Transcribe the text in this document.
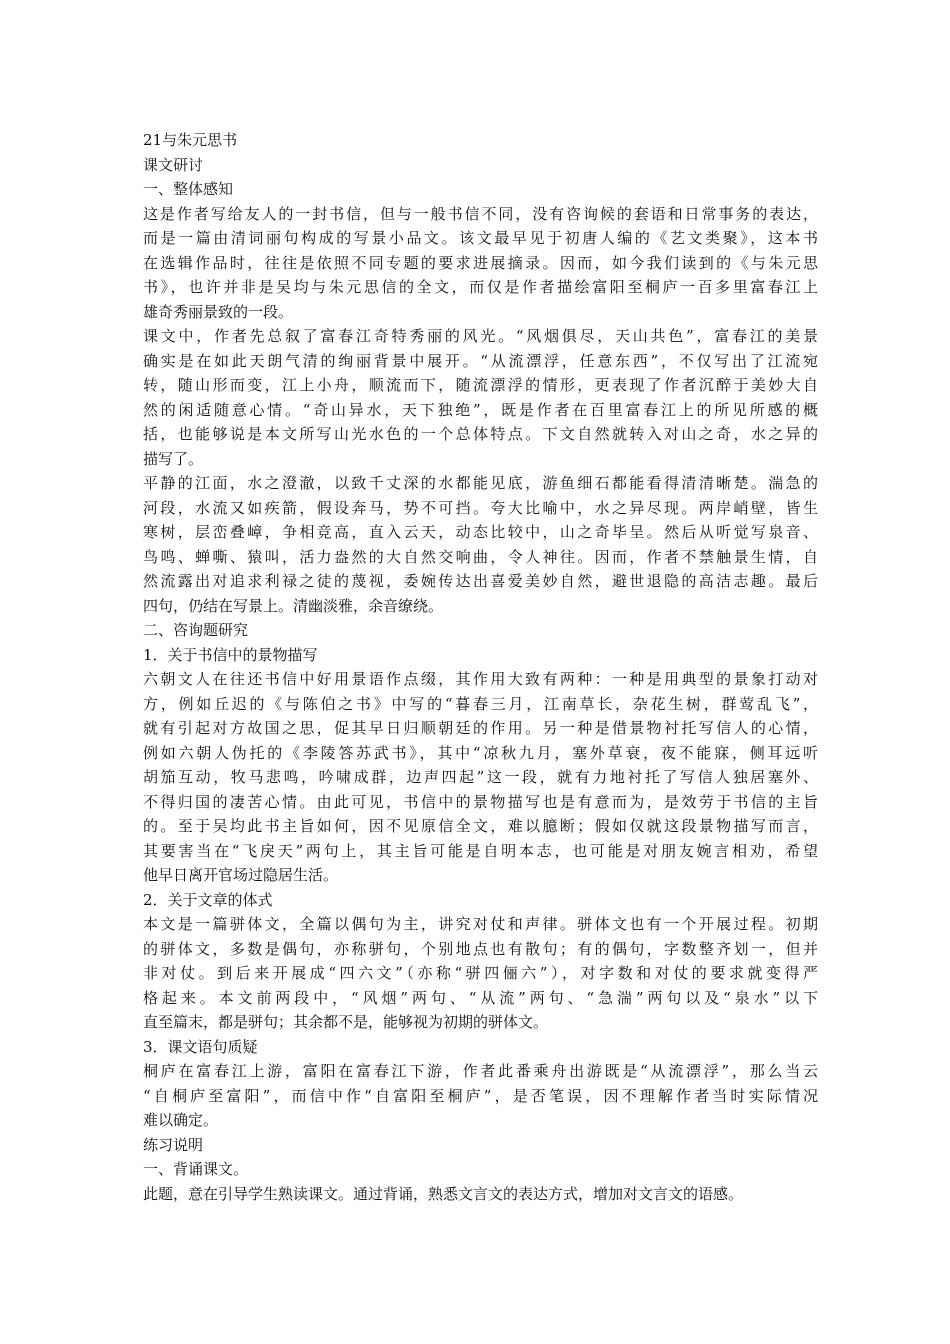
21与朱元思书
课文研讨
一、整体感知
这是作者写给友人的一封书信，但与一般书信不同，没有咨询候的套语和日常事务的表达，
而是一篇由清词丽句构成的写景小品文。该文最早见于初唐人编的《艺文类聚》，这本书
在选辑作品时，往往是依照不同专题的要求进展摘录。因而，如今我们读到的《与朱元思
书》，也许并非是吴均与朱元思信的全文，而仅是作者描绘富阳至桐庐一百多里富春江上
雄奇秀丽景致的一段。
课文中，作者先总叙了富春江奇特秀丽的风光。“风烟俱尽，天山共色”，富春江的美景
确实是在如此天朗气清的绚丽背景中展开。“从流漂浮，任意东西”，不仅写出了江流宛
转，随山形而变，江上小舟，顺流而下，随流漂浮的情形，更表现了作者沉醉于美妙大自
然的闲适随意心情。“奇山异水，天下独绝”，既是作者在百里富春江上的所见所感的概
括，也能够说是本文所写山光水色的一个总体特点。下文自然就转入对山之奇，水之异的
描写了。
平静的江面，水之澄澈，以致千丈深的水都能见底，游鱼细石都能看得清清晰楚。湍急的
河段，水流又如疾箭，假设奔马，势不可挡。夸大比喻中，水之异尽现。两岸峭壁，皆生
寒树，层峦叠嶂，争相竞高，直入云天，动态比较中，山之奇毕呈。然后从听觉写泉音、
鸟鸣、蝉嘶、猿叫，活力盎然的大自然交响曲，令人神往。因而，作者不禁触景生情，自
然流露出对追求利禄之徒的蔑视，委婉传达出喜爱美妙自然，避世退隐的高洁志趣。最后
四句，仍结在写景上。清幽淡雅，余音缭绕。
二、咨询题研究
1．关于书信中的景物描写
六朝文人在往还书信中好用景语作点缀，其作用大致有两种：一种是用典型的景象打动对
方，例如丘迟的《与陈伯之书》中写的“暮春三月，江南草长，杂花生树，群莺乱飞”，
就有引起对方故国之思，促其早日归顺朝廷的作用。另一种是借景物衬托写信人的心情，
例如六朝人伪托的《李陵答苏武书》，其中“凉秋九月，塞外草衰，夜不能寐，侧耳远听
胡笳互动，牧马悲鸣，吟啸成群，边声四起”这一段，就有力地衬托了写信人独居塞外、
不得归国的凄苦心情。由此可见，书信中的景物描写也是有意而为，是效劳于书信的主旨
的。至于吴均此书主旨如何，因不见原信全文，难以臆断；假如仅就这段景物描写而言，
其要害当在“飞戾天”两句上，其主旨可能是自明本志，也可能是对朋友婉言相劝，希望
他早日离开官场过隐居生活。
2．关于文章的体式
本文是一篇骈体文，全篇以偶句为主，讲究对仗和声律。骈体文也有一个开展过程。初期
的骈体文，多数是偶句，亦称骈句，个别地点也有散句；有的偶句，字数整齐划一，但并
非对仗。到后来开展成“四六文”（亦称“骈四俪六”），对字数和对仗的要求就变得严
格起来。本文前两段中，“风烟”两句、“从流”两句、“急湍”两句以及“泉水”以下
直至篇末，都是骈句；其余都不是，能够视为初期的骈体文。
3．课文语句质疑
桐庐在富春江上游，富阳在富春江下游，作者此番乘舟出游既是“从流漂浮”，那么当云
“自桐庐至富阳”，而信中作“自富阳至桐庐”，是否笔误，因不理解作者当时实际情况
难以确定。
练习说明
一、背诵课文。
此题，意在引导学生熟读课文。通过背诵，熟悉文言文的表达方式，增加对文言文的语感。
